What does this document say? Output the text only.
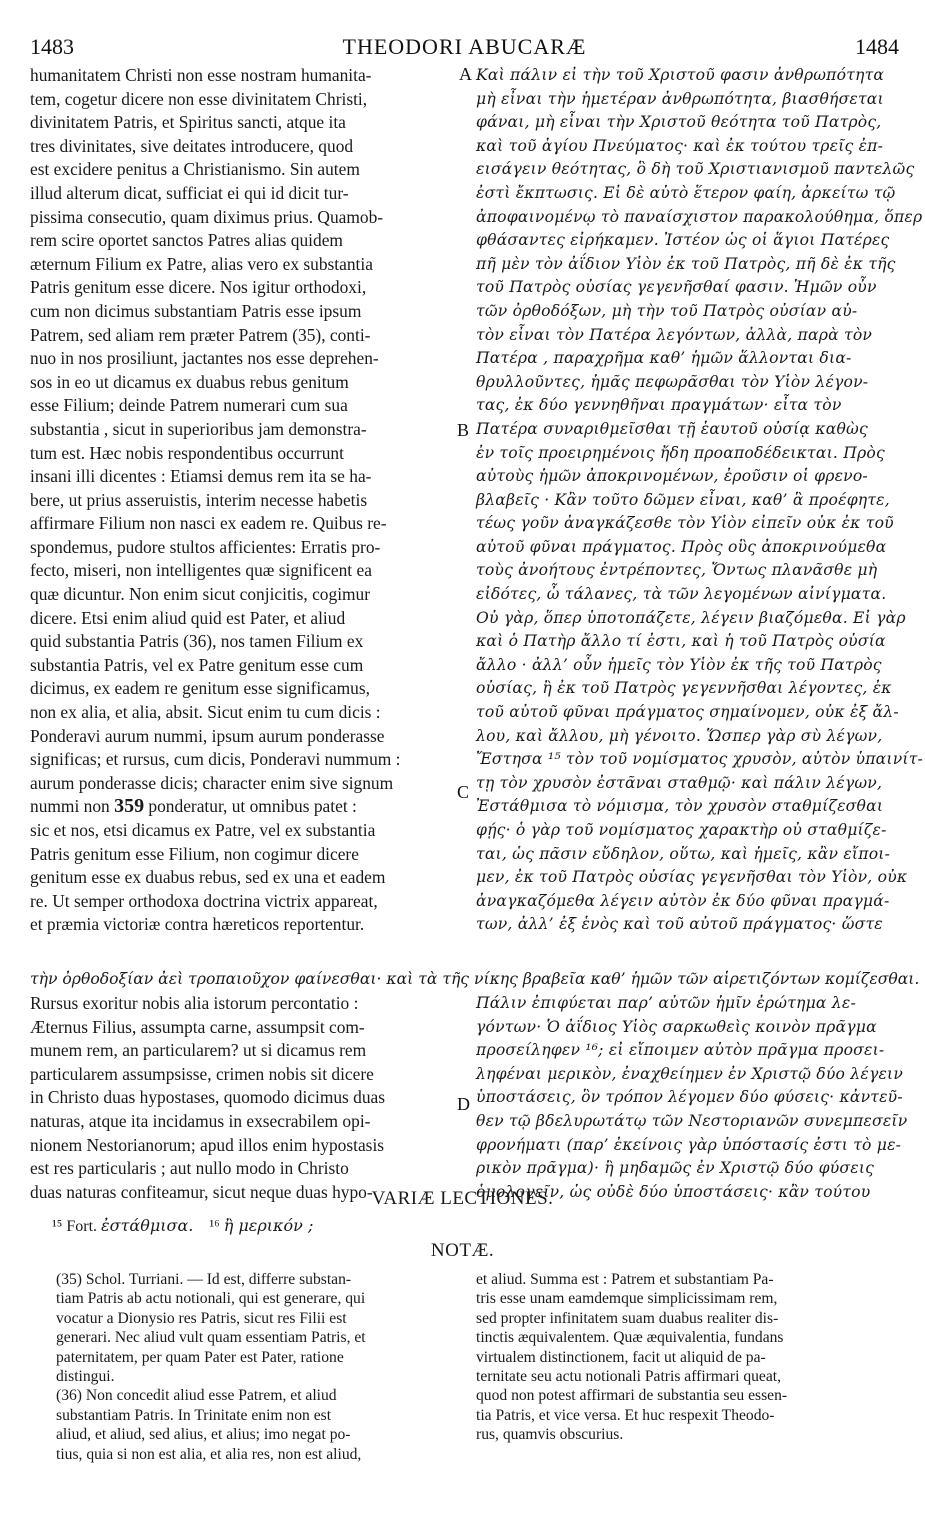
1483	THEODORI ABUCARÆ	1484
humanitatem Christi non esse nostram humanita-
tem, cogetur dicere non esse divinitatem Christi,
divinitatem Patris, et Spiritus sancti, atque ita
tres divinitates, sive deitates introducere, quod
est excidere penitus a Christianismo. Sin autem
illud alterum dicat, sufficiat ei qui id dicit tur-
pissima consecutio, quam diximus prius. Quamob-
rem scire oportet sanctos Patres alias quidem
æternum Filium ex Patre, alias vero ex substantia
Patris genitum esse dicere. Nos igitur orthodoxi,
cum non dicimus substantiam Patris esse ipsum
Patrem, sed aliam rem præter Patrem (35), conti-
nuo in nos prosiliunt, jactantes nos esse deprehen-
sos in eo ut dicamus ex duabus rebus genitum
esse Filium; deinde Patrem numerari cum sua
substantia , sicut in superioribus jam demonstra-
tum est. Hæc nobis respondentibus occurrunt
insani illi dicentes : Etiamsi demus rem ita se ha-
bere, ut prius asseruistis, interim necesse habetis
affirmare Filium non nasci ex eadem re. Quibus re-
spondemus, pudore stultos afficientes: Erratis pro-
fecto, miseri, non intelligentes quæ significent ea
quæ dicuntur. Non enim sicut conjicitis, cogimur
dicere. Etsi enim aliud quid est Pater, et aliud
quid substantia Patris (36), nos tamen Filium ex
substantia Patris, vel ex Patre genitum esse cum
dicimus, ex eadem re genitum esse significamus,
non ex alia, et alia, absit. Sicut enim tu cum dicis :
Ponderavi aurum nummi, ipsum aurum ponderasse
significas; et rursus, cum dicis, Ponderavi nummum :
aurum ponderasse dicis; character enim sive signum
nummi non 359 ponderatur, ut omnibus patet :
sic et nos, etsi dicamus ex Patre, vel ex substantia
Patris genitum esse Filium, non cogimur dicere
genitum esse ex duabus rebus, sed ex una et eadem
re. Ut semper orthodoxa doctrina victrix appareat,
et præmia victoriæ contra hæreticos reportentur.
Καὶ πάλιν εἰ τὴν τοῦ Χριστοῦ φασιν ἀνθρωπότητα
μὴ εἶναι τὴν ἡμετέραν ἀνθρωπότητα, βιασθήσεται
φάναι, μὴ εἶναι τὴν Χριστοῦ θεότητα τοῦ Πατρὸς,
καὶ τοῦ ἁγίου Πνεύματος· καὶ ἐκ τούτου τρεῖς ἐπ-
εισάγειν θεότητας, ὃ δὴ τοῦ Χριστιανισμοῦ παντελῶς
ἐστὶ ἔκπτωσις. Εἰ δὲ αὐτὸ ἕτερον φαίη, ἀρκείτω τῷ
ἀποφαινομένῳ τὸ παναίσχιστον παρακολούθημα, ὅπερ
φθάσαντες εἰρήκαμεν. Ἰστέον ὡς οἱ ἅγιοι Πατέρες
πῆ μὲν τὸν ἀΐδιον Υἱὸν ἐκ τοῦ Πατρὸς, πῆ δὲ ἐκ τῆς
τοῦ Πατρὸς οὐσίας γεγενῆσθαί φασιν. Ἡμῶν οὖν
τῶν ὀρθοδόξων, μὴ τὴν τοῦ Πατρὸς οὐσίαν αὐ-
τὸν εἶναι τὸν Πατέρα λεγόντων, ἀλλὰ, παρὰ τὸν
Πατέρα , παραχρῆμα καθ’ ἡμῶν ἅλλονται δια-
θρυλλοῦντες, ἡμᾶς πεφωρᾶσθαι τὸν Υἱὸν λέγον-
τας, ἐκ δύο γεννηθῆναι πραγμάτων· εἶτα τὸν
Πατέρα συναριθμεῖσθαι τῇ ἑαυτοῦ οὐσίᾳ καθὼς
ἐν τοῖς προειρημένοις ἤδη προαποδέδεικται. Πρὸς
αὐτοὺς ἡμῶν ἀποκρινομένων, ἐροῦσιν οἱ φρενο-
βλαβεῖς · Κἂν τοῦτο δῶμεν εἶναι, καθ’ ἃ προέφητε,
τέως γοῦν ἀναγκάζεσθε τὸν Υἱὸν εἰπεῖν οὐκ ἐκ τοῦ
αὐτοῦ φῦναι πράγματος. Πρὸς οὓς ἀποκρινούμεθα
τοὺς ἀνοήτους ἐντρέποντες, Ὄντως πλανᾶσθε μὴ
εἰδότες, ὦ τάλανες, τὰ τῶν λεγομένων αἰνίγματα.
Οὐ γὰρ, ὅπερ ὑποτοπάζετε, λέγειν βιαζόμεθα. Εἰ γὰρ
καὶ ὁ Πατὴρ ἄλλο τί ἐστι, καὶ ἡ τοῦ Πατρὸς οὐσία
ἄλλο · ἀλλ’ οὖν ἡμεῖς τὸν Υἱὸν ἐκ τῆς τοῦ Πατρὸς
οὐσίας, ἢ ἐκ τοῦ Πατρὸς γεγεννῆσθαι λέγοντες, ἐκ
τοῦ αὐτοῦ φῦναι πράγματος σημαίνομεν, οὐκ ἐξ ἄλ-
λου, καὶ ἄλλου, μὴ γένοιτο. Ὥσπερ γὰρ σὺ λέγων,
Ἔστησα ¹⁵ τὸν τοῦ νομίσματος χρυσὸν, αὐτὸν ὑπαινίτ-
τῃ τὸν χρυσὸν ἐστᾶναι σταθμῷ· καὶ πάλιν λέγων,
Ἐστάθμισα τὸ νόμισμα, τὸν χρυσὸν σταθμίζεσθαι
φῄς· ὁ γὰρ τοῦ νομίσματος χαρακτὴρ οὐ σταθμίζε-
ται, ὡς πᾶσιν εὔδηλον, οὕτω, καὶ ἡμεῖς, κἂν εἴποι-
μεν, ἐκ τοῦ Πατρὸς οὐσίας γεγενῆσθαι τὸν Υἱὸν, οὐκ
ἀναγκαζόμεθα λέγειν αὐτὸν ἐκ δύο φῦναι πραγμά-
των, ἀλλ’ ἐξ ἑνὸς καὶ τοῦ αὐτοῦ πράγματος· ὥστε
A
B
C
D
τὴν ὀρθοδοξίαν ἀεὶ τροπαιοῦχον φαίνεσθαι· καὶ τὰ τῆς νίκης βραβεῖα καθ’ ἡμῶν τῶν αἱρετιζόντων κομίζεσθαι.
Rursus exoritur nobis alia istorum percontatio :
Æternus Filius, assumpta carne, assumpsit com-
munem rem, an particularem? ut si dicamus rem
particularem assumpsisse, crimen nobis sit dicere
in Christo duas hypostases, quomodo dicimus duas
naturas, atque ita incidamus in exsecrabilem opi-
nionem Nestorianorum; apud illos enim hypostasis
est res particularis ; aut nullo modo in Christo
duas naturas confiteamur, sicut neque duas hypo-
Πάλιν ἐπιφύεται παρ’ αὐτῶν ἡμῖν ἐρώτημα λε-
γόντων· Ὁ ἀΐδιος Υἱὸς σαρκωθεὶς κοινὸν πρᾶγμα
προσείληφεν ¹⁶; εἰ εἴποιμεν αὐτὸν πρᾶγμα προσει-
ληφέναι μερικὸν, ἐναχθείημεν ἐν Χριστῷ δύο λέγειν
ὑποστάσεις, ὃν τρόπον λέγομεν δύο φύσεις· κἀντεῦ-
θεν τῷ βδελυρωτάτῳ τῶν Νεστοριανῶν συνεμπεσεῖν
φρονήματι (παρ’ ἐκείνοις γὰρ ὑπόστασίς ἐστι τὸ με-
ρικὸν πρᾶγμα)· ἢ μηδαμῶς ἐν Χριστῷ δύο φύσεις
ὁμολογεῖν, ὡς οὐδὲ δύο ὑποστάσεις· κἂν τούτου
VARIÆ LECTIONES.
¹⁵ Fort. ἐστάθμισα. ¹⁶ ἢ μερικόν ;
NOTÆ.
(35) Schol. Turriani. — Id est, differre substan-
tiam Patris ab actu notionali, qui est generare, qui
vocatur a Dionysio res Patris, sicut res Filii est
generari. Nec aliud vult quam essentiam Patris, et
paternitatem, per quam Pater est Pater, ratione
distingui.
(36) Non concedit aliud esse Patrem, et aliud
substantiam Patris. In Trinitate enim non est
aliud, et aliud, sed alius, et alius; imo negat po-
tius, quia si non est alia, et alia res, non est aliud,
et aliud. Summa est : Patrem et substantiam Pa-
tris esse unam eamdemque simplicissimam rem,
sed propter infinitatem suam duabus realiter dis-
tinctis æquivalentem. Quæ æquivalentia, fundans
virtualem distinctionem, facit ut aliquid de pa-
ternitate seu actu notionali Patris affirmari queat,
quod non potest affirmari de substantia seu essen-
tia Patris, et vice versa. Et huc respexit Theodo-
rus, quamvis obscurius.
